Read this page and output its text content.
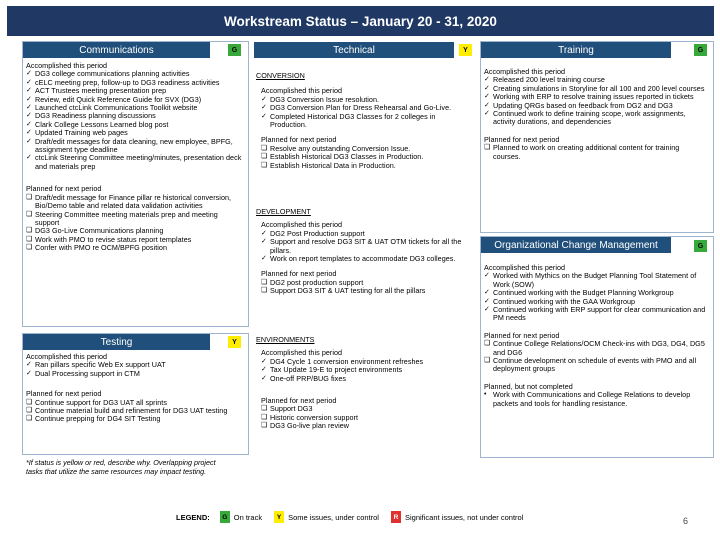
Workstream Status – January 20 - 31, 2020
Communications	G

Accomplished this period

✓ DG3 college communications planning activities
✓ cELC meeting prep, follow-up to DG3 readiness activities
✓ ACT Trustees meeting presentation prep
✓ Review, edit Quick Reference Guide for SVX (DG3)
✓ Launched ctcLink Communications Toolkit website
✓ DG3 Readiness planning discussions
✓ Clark College Lessons Learned blog post
✓ Updated Training web pages
✓ Draft/edit messages for data cleaning, new employee, BPFG, assignment type deadline
✓ ctcLink Steering Committee meeting/minutes, presentation deck and materials prep

Planned for next period

❏ Draft/edit message for Finance pillar re historical conversion, Bio/Demo table and related data validation activities
❏ Steering Committee meeting materials prep and meeting support
❏ DG3 Go-Live Communications planning
❏ Work with PMO to revise status report templates
❏ Confer with PMO re OCM/BPFG position
Testing	Y

Accomplished this period

✓ Ran pillars specific Web Ex support UAT
✓ Dual Processing support in CTM

Planned for next period

❏ Continue support for DG3 UAT all sprints
❏ Continue material build and refinement for DG3 UAT testing
❏ Continue prepping for DG4 SIT Testing
*If status is yellow or red, describe why. Overlapping project tasks that utilize the same resources may impact testing.
Technical	Y

CONVERSION

Accomplished this period

✓ DG3 Conversion Issue resolution.
✓ DG3 Conversion Plan for Dress Rehearsal and Go-Live.
✓ Completed Historical DG3 Classes for 2 colleges in Production.

Planned for next period

❏ Resolve any outstanding Conversion Issue.
❏ Establish Historical DG3 Classes in Production.
❏ Establish Historical Data in Production.

DEVELOPMENT

Accomplished this period

✓ DG2 Post Production support
✓ Support and resolve DG3 SIT & UAT OTM tickets for all the pillars.
✓ Work on report templates to accommodate DG3 colleges.

Planned for next period

❏ DG2 post production support
❏ Support DG3 SIT & UAT testing for all the pillars

ENVIRONMENTS

Accomplished this period

✓ DG4 Cycle 1 conversion environment refreshes
✓ Tax Update 19-E to project environments
✓ One-off PRP/BUG fixes

Planned for next period

❏ Support DG3
❏ Historic conversion support
❏ DG3 Go-live plan review
Training	G

Accomplished this period

✓ Released 200 level training course
✓ Creating simulations in Storyline for all 100 and 200 level courses
✓ Working with ERP to resolve training issues reported in tickets
✓ Updating QRGs based on feedback from DG2 and DG3
✓ Continued work to define training scope, work assignments, activity durations, and dependencies

Planned for next period

❏ Planned to work on creating additional content for training courses.
Organizational Change Management	G

Accomplished this period

✓ Worked with Mythics on the Budget Planning Tool Statement of Work (SOW)
✓ Continued working with the Budget Planning Workgroup
✓ Continued working with the GAA Workgroup
✓ Continued working with ERP support for clear communication and PM needs

Planned for next period

❏ Continue College Relations/OCM Check-ins with DG3, DG4, DG5 and DG6
❏ Continue development on schedule of events with PMO and all deployment groups

Planned, but not completed

• Work with Communications and College Relations to develop packets and tools for handling resistance.
LEGEND:	G On track	Y Some issues, under control	R Significant issues, not under control	6
